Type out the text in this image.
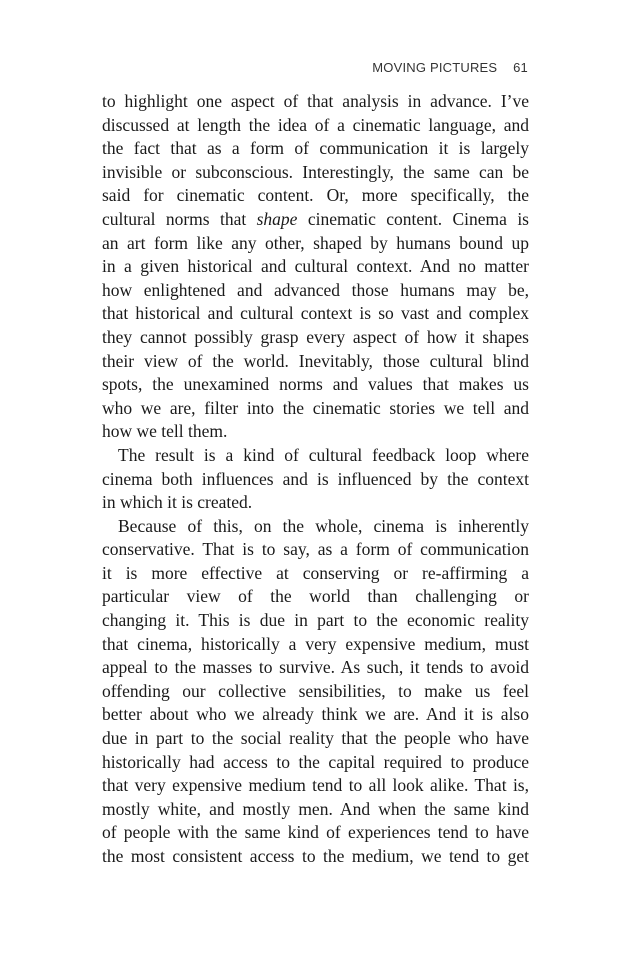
MOVING PICTURES 61
to highlight one aspect of that analysis in advance. I’ve
discussed at length the idea of a cinematic language, and
the fact that as a form of communication it is largely
invisible or subconscious. Interestingly, the same can be
said for cinematic content. Or, more specifically, the
cultural norms that shape cinematic content. Cinema is
an art form like any other, shaped by humans bound up
in a given historical and cultural context. And no matter
how enlightened and advanced those humans may be,
that historical and cultural context is so vast and complex
they cannot possibly grasp every aspect of how it shapes
their view of the world. Inevitably, those cultural blind
spots, the unexamined norms and values that makes us
who we are, filter into the cinematic stories we tell and
how we tell them.
The result is a kind of cultural feedback loop where
cinema both influences and is influenced by the context
in which it is created.
Because of this, on the whole, cinema is inherently
conservative. That is to say, as a form of communication
it is more effective at conserving or re-affirming a
particular view of the world than challenging or
changing it. This is due in part to the economic reality
that cinema, historically a very expensive medium, must
appeal to the masses to survive. As such, it tends to avoid
offending our collective sensibilities, to make us feel
better about who we already think we are. And it is also
due in part to the social reality that the people who have
historically had access to the capital required to produce
that very expensive medium tend to all look alike. That is,
mostly white, and mostly men. And when the same kind
of people with the same kind of experiences tend to have
the most consistent access to the medium, we tend to get
